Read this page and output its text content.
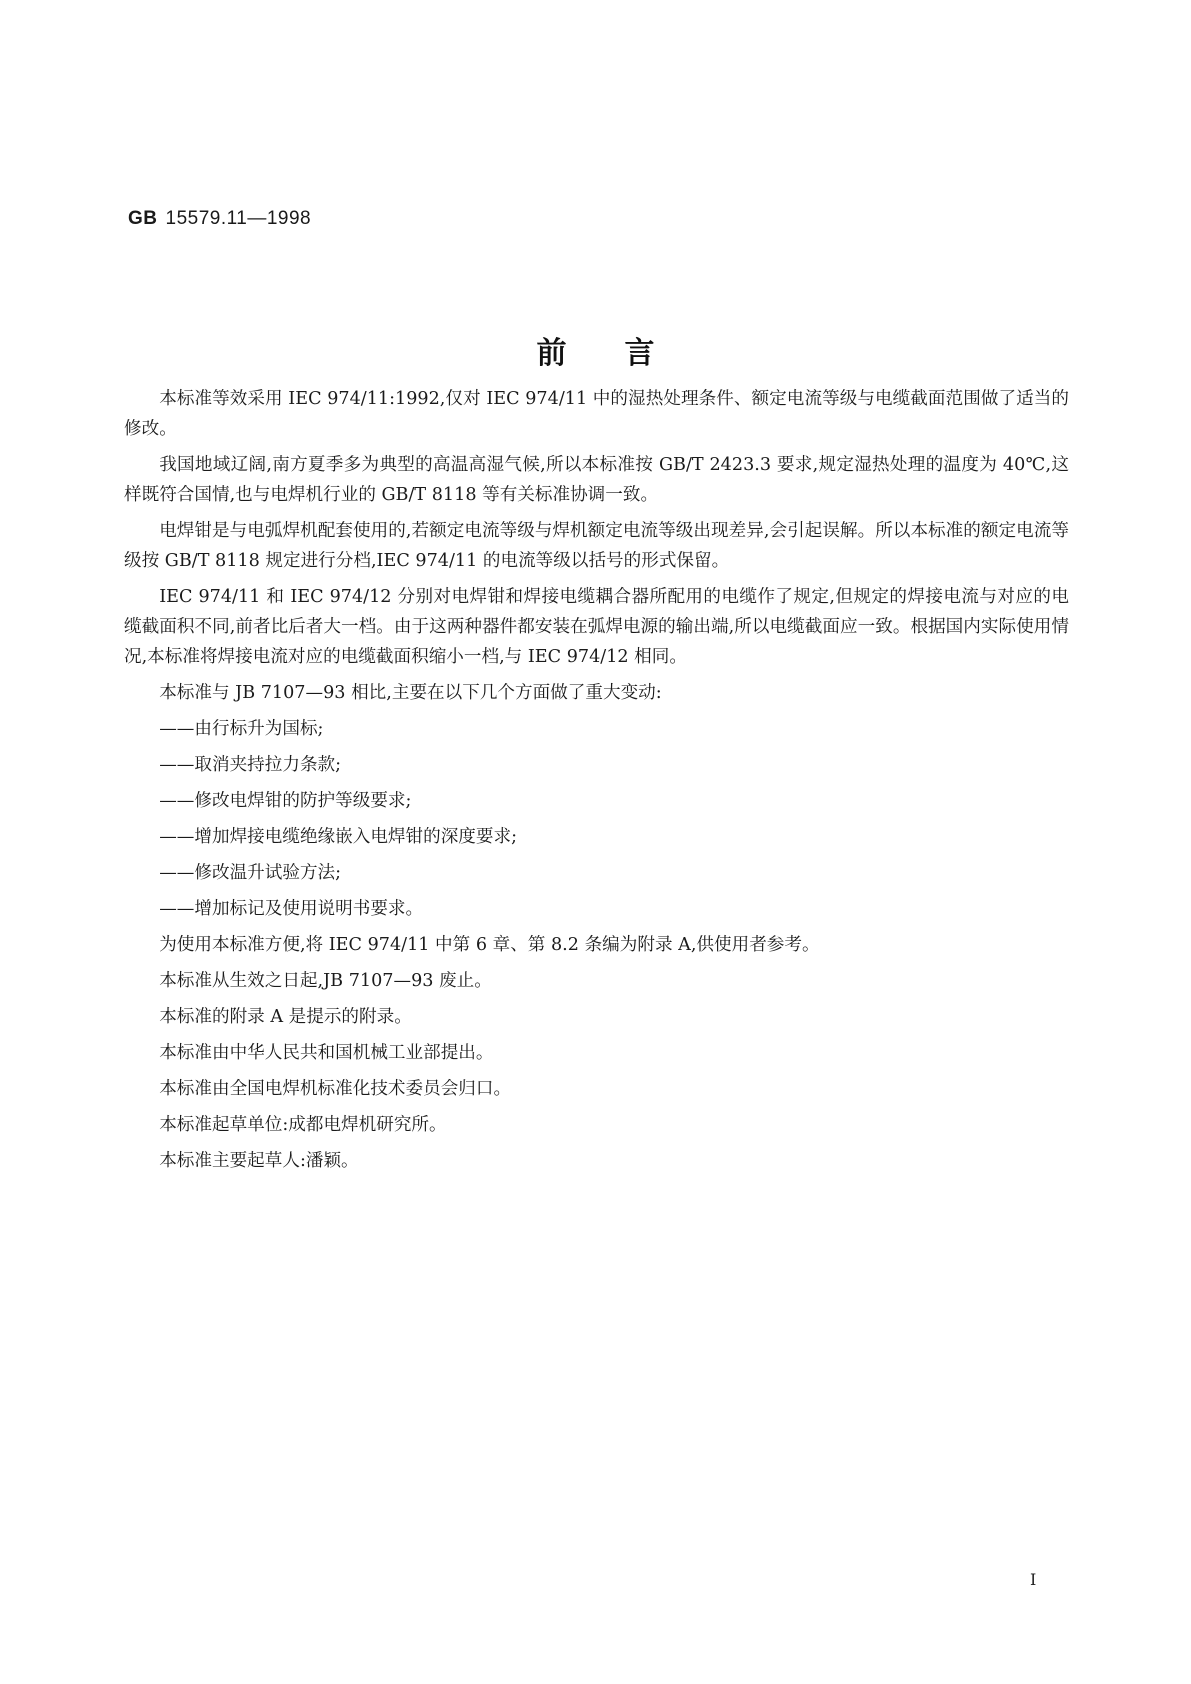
GB 15579.11—1998
前言

本标准等效采用 IEC 974/11:1992,仅对 IEC 974/11 中的湿热处理条件、额定电流等级与电缆截面范围做了适当的修改。

我国地域辽阔,南方夏季多为典型的高温高湿气候,所以本标准按 GB/T 2423.3 要求,规定湿热处理的温度为 40℃,这样既符合国情,也与电焊机行业的 GB/T 8118 等有关标准协调一致。

电焊钳是与电弧焊机配套使用的,若额定电流等级与焊机额定电流等级出现差异,会引起误解。所以本标准的额定电流等级按 GB/T 8118 规定进行分档,IEC 974/11 的电流等级以括号的形式保留。

IEC 974/11 和 IEC 974/12 分别对电焊钳和焊接电缆耦合器所配用的电缆作了规定,但规定的焊接电流与对应的电缆截面积不同,前者比后者大一档。由于这两种器件都安装在弧焊电源的输出端,所以电缆截面应一致。根据国内实际使用情况,本标准将焊接电流对应的电缆截面积缩小一档,与 IEC 974/12 相同。

本标准与 JB 7107—93 相比,主要在以下几个方面做了重大变动:

——由行标升为国标;

——取消夹持拉力条款;

——修改电焊钳的防护等级要求;

——增加焊接电缆绝缘嵌入电焊钳的深度要求;

——修改温升试验方法;

——增加标记及使用说明书要求。

为使用本标准方便,将 IEC 974/11 中第 6 章、第 8.2 条编为附录 A,供使用者参考。

本标准从生效之日起,JB 7107—93 废止。

本标准的附录 A 是提示的附录。

本标准由中华人民共和国机械工业部提出。

本标准由全国电焊机标准化技术委员会归口。

本标准起草单位:成都电焊机研究所。

本标准主要起草人:潘颖。

I
